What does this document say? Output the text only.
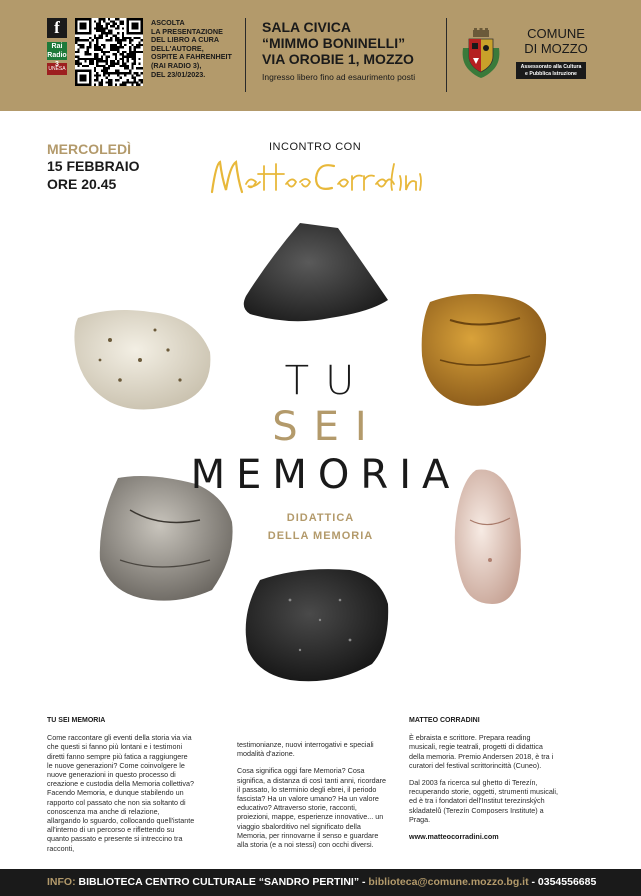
f
Rai Radio
UNESA
ASCOLTA
LA PRESENTAZIONE
DEL LIBRO A CURA
DELL'AUTORE,
OSPITE A FAHRENHEIT
(RAI RADIO 3),
DEL 23/01/2023.
SALA CIVICA
“MIMMO BONINELLI”
VIA OROBIE 1, MOZZO
Ingresso libero fino ad esaurimento posti
COMUNE
DI MOZZO
Assessorato alla Cultura
e Pubblica Istruzione
MERCOLEDÌ
15 FEBBRAIO
ORE 20.45
INCONTRO CON
TU
SEI
MEMORIA
DIDATTICA
DELLA MEMORIA
TU SEI MEMORIA

Come raccontare gli eventi della storia via via che questi si fanno più lontani e i testimoni diretti fanno sempre più fatica a raggiungere le nuove generazioni? Come coinvolgere le nuove generazioni in questo processo di creazione e custodia della Memoria collettiva? Facendo Memoria, e dunque stabilendo un rapporto col passato che non sia soltanto di conoscenza ma anche di relazione, allargando lo sguardo, collocando quell'istante all'interno di un percorso e riflettendo su quanto passato e presente si intreccino tra racconti,

testimonianze, nuovi interrogativi e speciali modalità d'azione.

Cosa significa oggi fare Memoria? Cosa significa, a distanza di così tanti anni, ricordare il passato, lo sterminio degli ebrei, il periodo fascista? Ha un valore umano? Ha un valore educativo? Attraverso storie, racconti, proiezioni, mappe, esperienze innovative... un viaggio sbalorditivo nel significato della Memoria, per rinnovarne il senso e guardare alla storia (e a noi stessi) con occhi diversi.

MATTEO CORRADINI

È ebraista e scrittore. Prepara reading musicali, regie teatrali, progetti di didattica della memoria. Premio Andersen 2018, è tra i curatori del festival scrittorincittà (Cuneo).

Dal 2003 fa ricerca sul ghetto di Terezín, recuperando storie, oggetti, strumenti musicali, ed è tra i fondatori dell'Institut terezinských skladatelů (Terezín Composers Institute) a Praga.

www.matteocorradini.com

INFO: BIBLIOTECA CENTRO CULTURALE “SANDRO PERTINI” - biblioteca@comune.mozzo.bg.it - 0354556685
